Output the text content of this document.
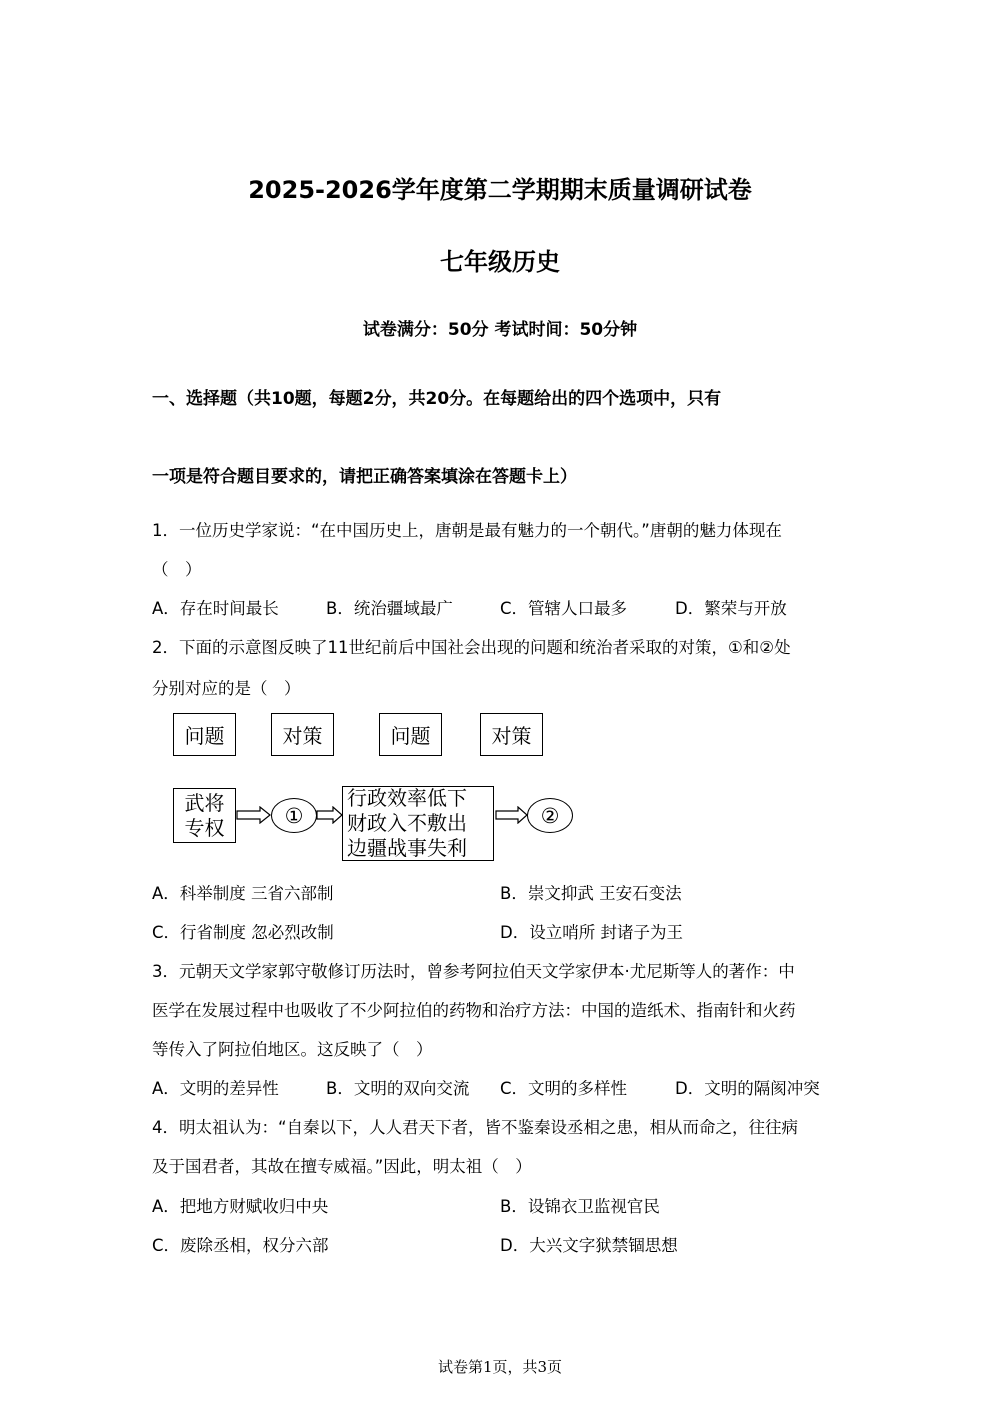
2025-2026学年度第二学期期末质量调研试卷
七年级历史
试卷满分：50分 考试时间：50分钟
一、选择题（共10题，每题2分，共20分。在每题给出的四个选项中，只有
一项是符合题目要求的，请把正确答案填涂在答题卡上）
1．一位历史学家说：“在中国历史上，唐朝是最有魅力的一个朝代。”唐朝的魅力体现在
（　）
A．存在时间最长	B．统治疆域最广	C．管辖人口最多	D．繁荣与开放
2．下面的示意图反映了11世纪前后中国社会出现的问题和统治者采取的对策，①和②处
分别对应的是（　）
问题	对策	问题	对策
武将
专权	①
行政效率低下
财政入不敷出
边疆战事失利
②
A．科举制度 三省六部制	B．崇文抑武 王安石变法
C．行省制度 忽必烈改制	D．设立哨所 封诸子为王
3．元朝天文学家郭守敬修订历法时，曾参考阿拉伯天文学家伊本·尤尼斯等人的著作：中
医学在发展过程中也吸收了不少阿拉伯的药物和治疗方法：中国的造纸术、指南针和火药
等传入了阿拉伯地区。这反映了（　）
A．文明的差异性	B．文明的双向交流 C．文明的多样性	D．文明的隔阂冲突
4．明太祖认为：“自秦以下，人人君天下者，皆不鉴秦设丞相之患，相从而命之，往往病
及于国君者，其故在擅专威福。”因此，明太祖（　）
A．把地方财赋收归中央	B．设锦衣卫监视官民
C．废除丞相，权分六部	D．大兴文字狱禁锢思想
试卷第1页，共3页
